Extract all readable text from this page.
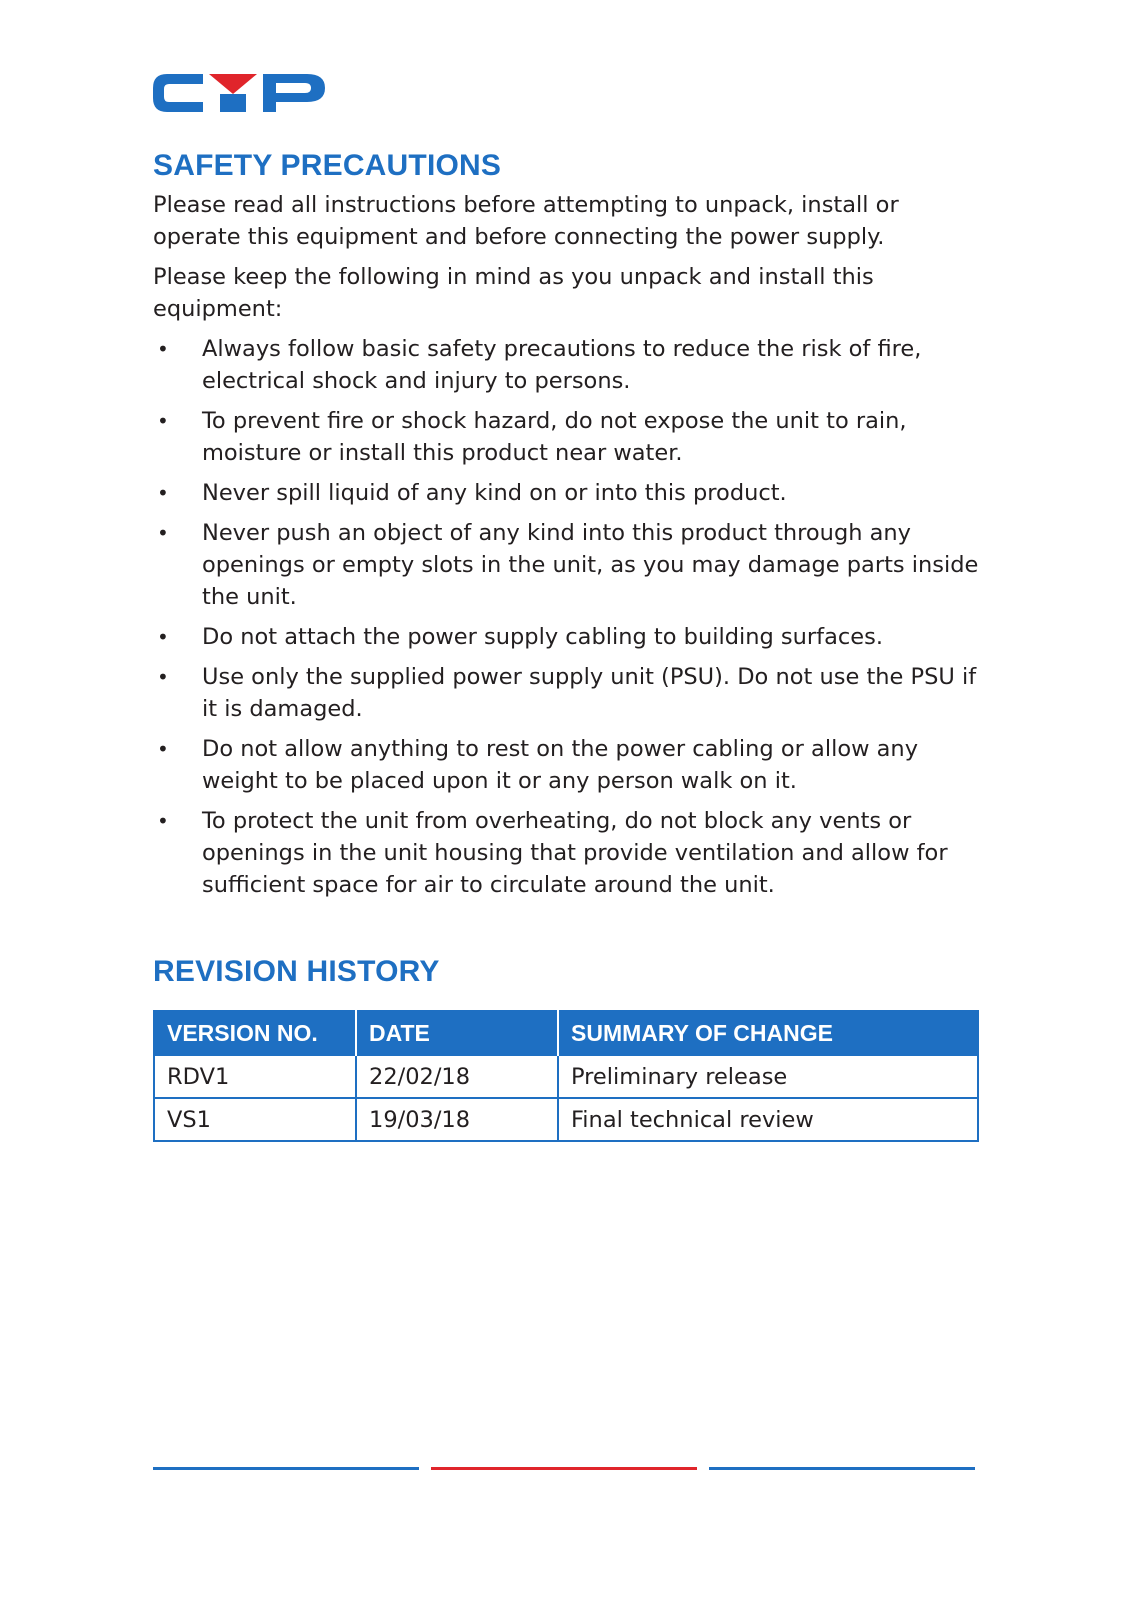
SAFETY PRECAUTIONS

Please read all instructions before attempting to unpack, install or operate this equipment and before connecting the power supply.

Please keep the following in mind as you unpack and install this equipment:

• Always follow basic safety precautions to reduce the risk of fire, electrical shock and injury to persons.
• To prevent fire or shock hazard, do not expose the unit to rain, moisture or install this product near water.
• Never spill liquid of any kind on or into this product.
• Never push an object of any kind into this product through any openings or empty slots in the unit, as you may damage parts inside the unit.
• Do not attach the power supply cabling to building surfaces.
• Use only the supplied power supply unit (PSU). Do not use the PSU if it is damaged.
• Do not allow anything to rest on the power cabling or allow any weight to be placed upon it or any person walk on it.
• To protect the unit from overheating, do not block any vents or openings in the unit housing that provide ventilation and allow for sufficient space for air to circulate around the unit.
REVISION HISTORY
VERSION NO.	DATE	SUMMARY OF CHANGE
RDV1	22/02/18	Preliminary release
VS1	19/03/18	Final technical review
